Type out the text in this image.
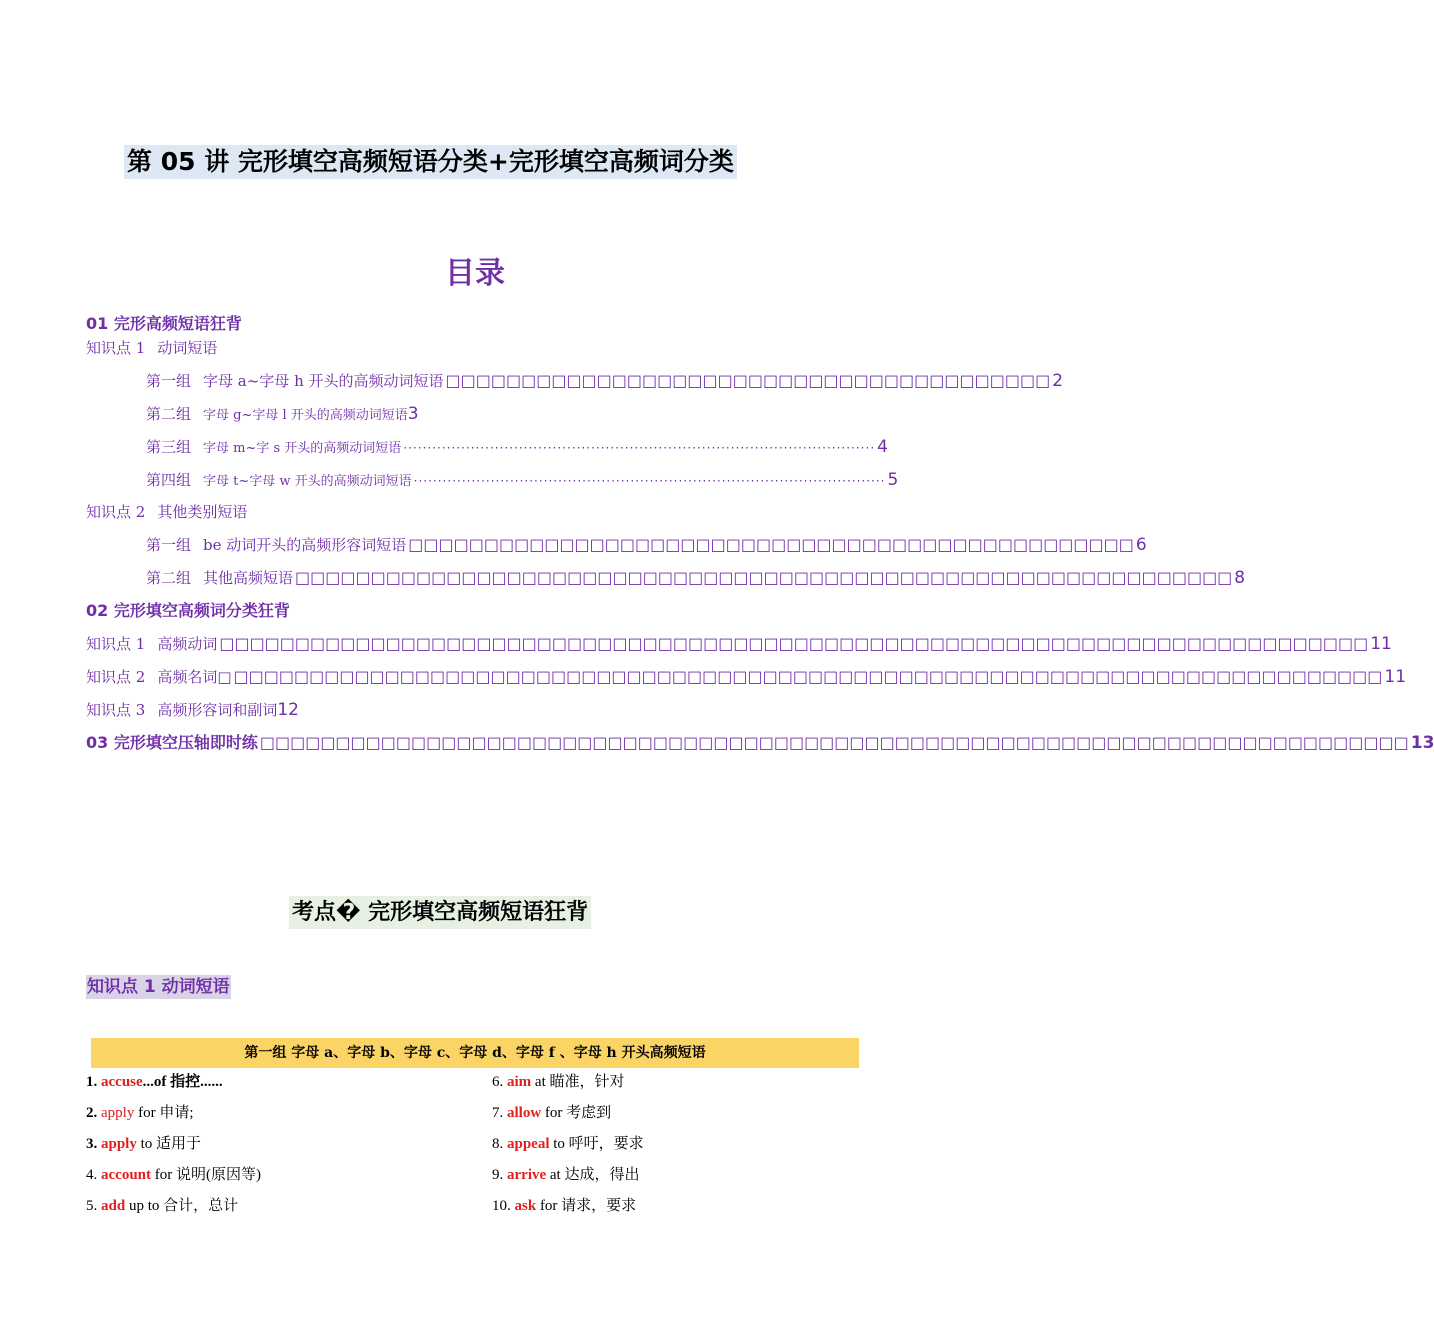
第 05 讲 完形填空高频短语分类+完形填空高频词分类
目录
01 完形高频短语狂背
知识点 1 动词短语
第一组 字母 a~字母 h 开头的高频动词短语 □□□□□□□□□□□□□□□□□□□□□□□□□□□□□□□□□□□□□□□□ 2
第二组 字母 g~字母 l 开头的高频动词短语 3
第三组 字母 m~字 s 开头的高频动词短语 ·································································································· 4
第四组 字母 t~字母 w 开头的高频动词短语 ·································································································· 5
知识点 2 其他类别短语
第一组 be 动词开头的高频形容词短语 □□□□□□□□□□□□□□□□□□□□□□□□□□□□□□□□□□□□□□□□□□□□□□□□ 6
第二组 其他高频短语 □□□□□□□□□□□□□□□□□□□□□□□□□□□□□□□□□□□□□□□□□□□□□□□□□□□□□□□□□□□□□□ 8
02 完形填空高频词分类狂背
知识点 1 高频动词 □□□□□□□□□□□□□□□□□□□□□□□□□□□□□□□□□□□□□□□□□□□□□□□□□□□□□□□□□□□□□□□□□□□□□□□□□□□□ 11
知识点 2 高频名词□ □□□□□□□□□□□□□□□□□□□□□□□□□□□□□□□□□□□□□□□□□□□□□□□□□□□□□□□□□□□□□□□□□□□□□□□□□□□□ 11
知识点 3 高频形容词和副词 12
03 完形填空压轴即时练 □□□□□□□□□□□□□□□□□□□□□□□□□□□□□□□□□□□□□□□□□□□□□□□□□□□□□□□□□□□□□□□□□□□□□□□□□□□□ 13
考点� 完形填空高频短语狂背
知识点 1 动词短语
第一组 字母 a、字母 b、字母 c、字母 d、字母 f 、字母 h 开头高频短语
1. accuse...of 指控......
2. apply for 申请;
3. apply to 适用于
4. account for 说明(原因等)
5. add up to 合计，总计
6. aim at 瞄准，针对
7. allow for 考虑到
8. appeal to 呼吁，要求
9. arrive at 达成，得出
10. ask for 请求，要求
